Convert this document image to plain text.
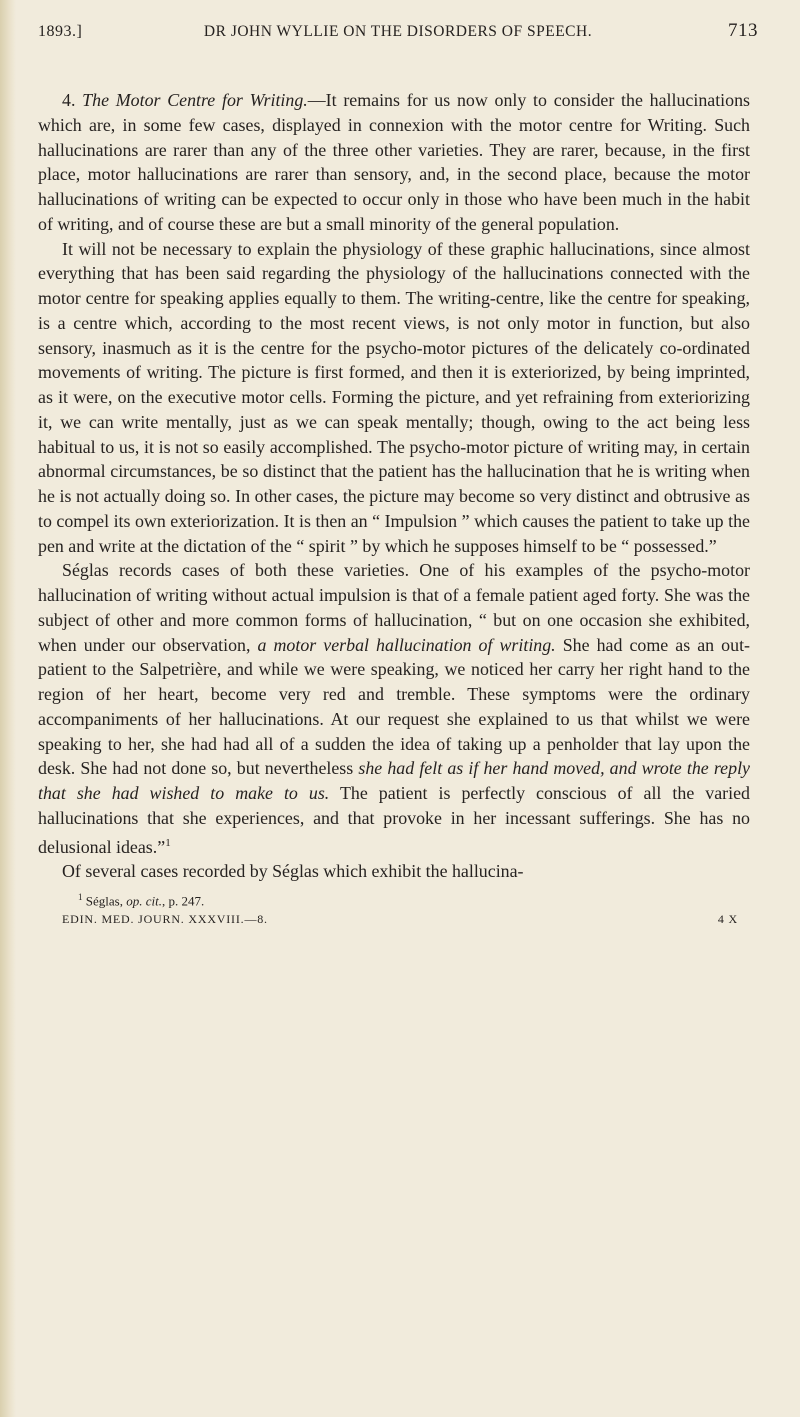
1893.]	DR JOHN WYLLIE ON THE DISORDERS OF SPEECH.	713

4. The Motor Centre for Writing.—It remains for us now only to consider the hallucinations which are, in some few cases, displayed in connexion with the motor centre for Writing. Such hallucinations are rarer than any of the three other varieties. They are rarer, because, in the first place, motor hallucinations are rarer than sensory, and, in the second place, because the motor hallucinations of writing can be expected to occur only in those who have been much in the habit of writing, and of course these are but a small minority of the general population.

It will not be necessary to explain the physiology of these graphic hallucinations, since almost everything that has been said regarding the physiology of the hallucinations connected with the motor centre for speaking applies equally to them. The writing-centre, like the centre for speaking, is a centre which, according to the most recent views, is not only motor in function, but also sensory, inasmuch as it is the centre for the psycho-motor pictures of the delicately co-ordinated movements of writing. The picture is first formed, and then it is exteriorized, by being imprinted, as it were, on the executive motor cells. Forming the picture, and yet refraining from exteriorizing it, we can write mentally, just as we can speak mentally; though, owing to the act being less habitual to us, it is not so easily accomplished. The psycho-motor picture of writing may, in certain abnormal circumstances, be so distinct that the patient has the hallucination that he is writing when he is not actually doing so. In other cases, the picture may become so very distinct and obtrusive as to compel its own exteriorization. It is then an “ Impulsion ” which causes the patient to take up the pen and write at the dictation of the “ spirit ” by which he supposes himself to be “ possessed.”

Séglas records cases of both these varieties. One of his examples of the psycho-motor hallucination of writing without actual impulsion is that of a female patient aged forty. She was the subject of other and more common forms of hallucination, “ but on one occasion she exhibited, when under our observation, a motor verbal hallucination of writing. She had come as an out-patient to the Salpetrière, and while we were speaking, we noticed her carry her right hand to the region of her heart, become very red and tremble. These symptoms were the ordinary accompaniments of her hallucinations. At our request she explained to us that whilst we were speaking to her, she had had all of a sudden the idea of taking up a penholder that lay upon the desk. She had not done so, but nevertheless she had felt as if her hand moved, and wrote the reply that she had wished to make to us. The patient is perfectly conscious of all the varied hallucinations that she experiences, and that provoke in her incessant sufferings. She has no delusional ideas.”$^1$

Of several cases recorded by Séglas which exhibit the hallucina-

$^1$ Séglas, op. cit., p. 247.
EDIN. MED. JOURN. XXXVIII.—8.	4 X
